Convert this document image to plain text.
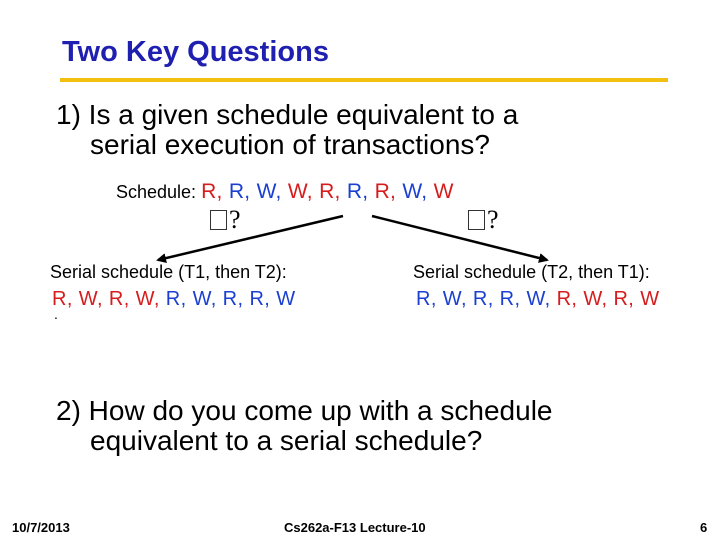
Two Key Questions
1) Is a given schedule equivalent to a
serial execution of transactions?
Schedule: R, R, W, W, R, R, R, W, W
?	?
Serial schedule (T1, then T2):	Serial schedule (T2, then T1):
R, W, R, W, R, W, R, R, W
.
R, W, R, R, W, R, W, R, W
2) How do you come up with a schedule
equivalent to a serial schedule?
10/7/2013	Cs262a-F13 Lecture-10	6
